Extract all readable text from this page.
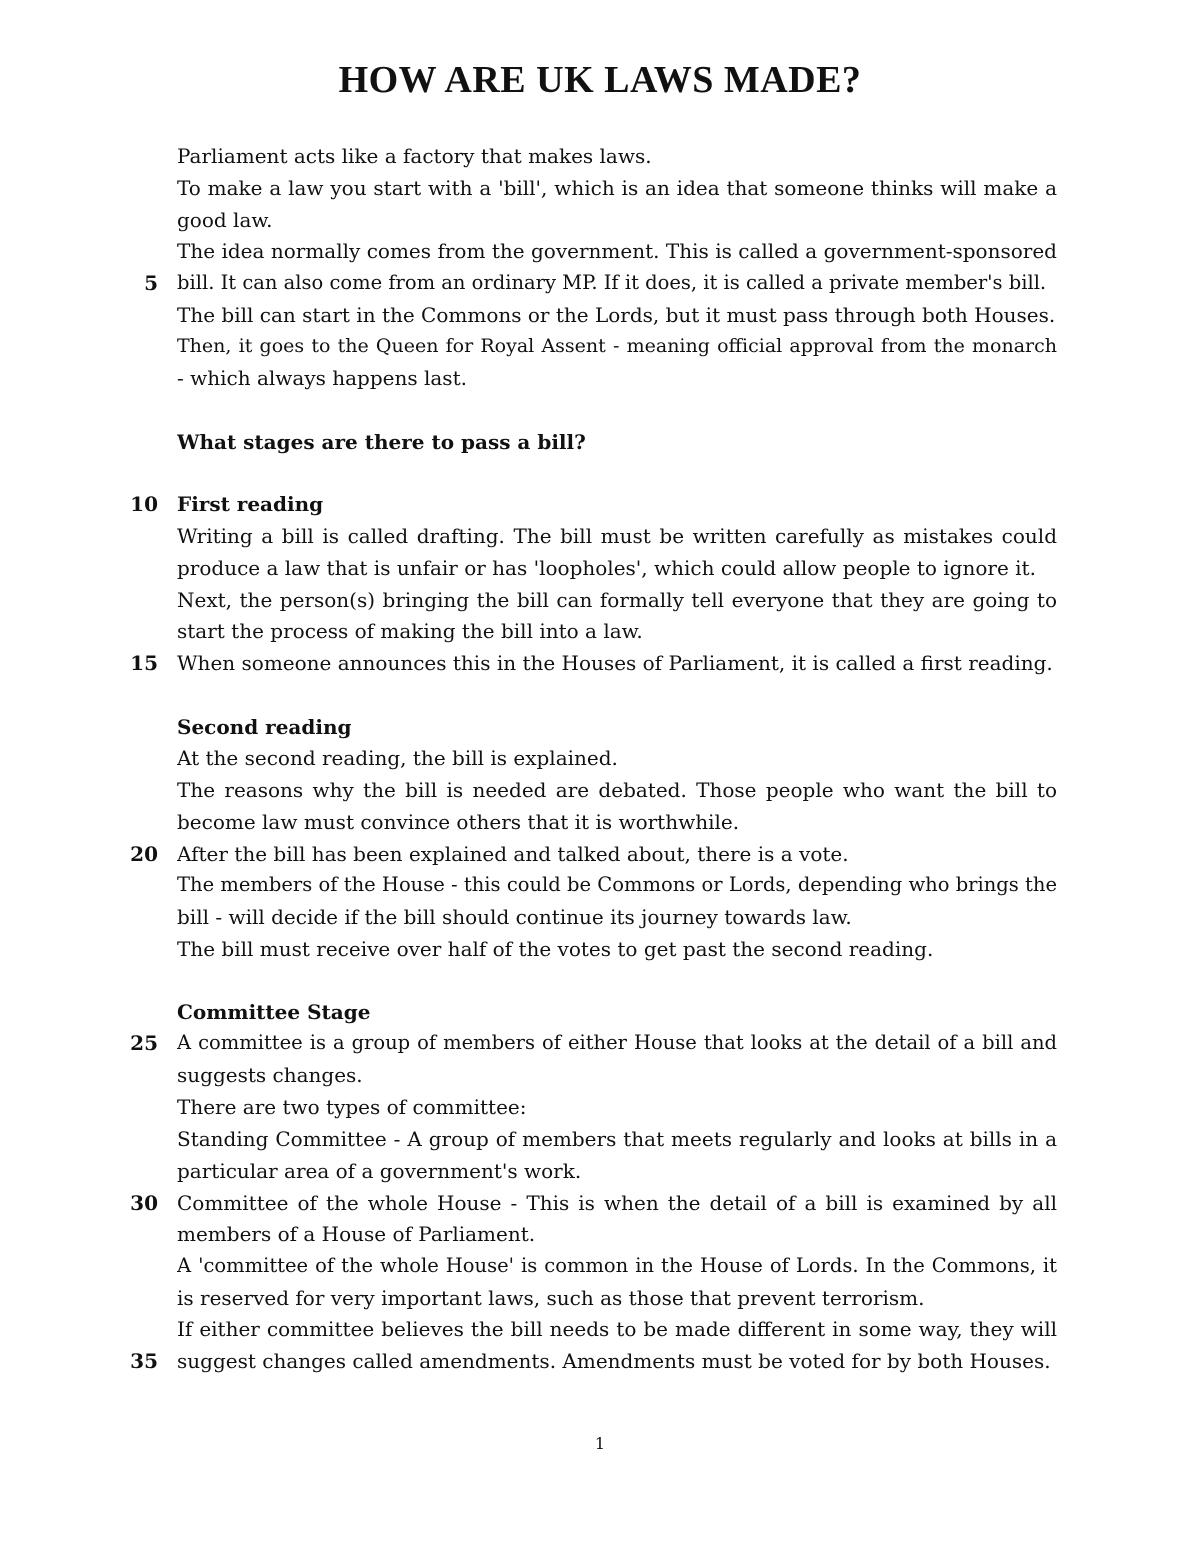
HOW ARE UK LAWS MADE?
5
10
15
20
25
30
35
Parliament acts like a factory that makes laws.
To make a law you start with a 'bill', which is an idea that someone thinks will make a
good law.
The idea normally comes from the government. This is called a government-sponsored
bill. It can also come from an ordinary MP. If it does, it is called a private member's bill.
The bill can start in the Commons or the Lords, but it must pass through both Houses.
Then, it goes to the Queen for Royal Assent - meaning official approval from the monarch
- which always happens last.
What stages are there to pass a bill?
First reading
Writing a bill is called drafting. The bill must be written carefully as mistakes could
produce a law that is unfair or has 'loopholes', which could allow people to ignore it.
Next, the person(s) bringing the bill can formally tell everyone that they are going to
start the process of making the bill into a law.
When someone announces this in the Houses of Parliament, it is called a first reading.
Second reading
At the second reading, the bill is explained.
The reasons why the bill is needed are debated. Those people who want the bill to
become law must convince others that it is worthwhile.
After the bill has been explained and talked about, there is a vote.
The members of the House - this could be Commons or Lords, depending who brings the
bill - will decide if the bill should continue its journey towards law.
The bill must receive over half of the votes to get past the second reading.
Committee Stage
A committee is a group of members of either House that looks at the detail of a bill and
suggests changes.
There are two types of committee:
Standing Committee - A group of members that meets regularly and looks at bills in a
particular area of a government's work.
Committee of the whole House - This is when the detail of a bill is examined by all
members of a House of Parliament.
A 'committee of the whole House' is common in the House of Lords. In the Commons, it
is reserved for very important laws, such as those that prevent terrorism.
If either committee believes the bill needs to be made different in some way, they will
suggest changes called amendments. Amendments must be voted for by both Houses.
1
